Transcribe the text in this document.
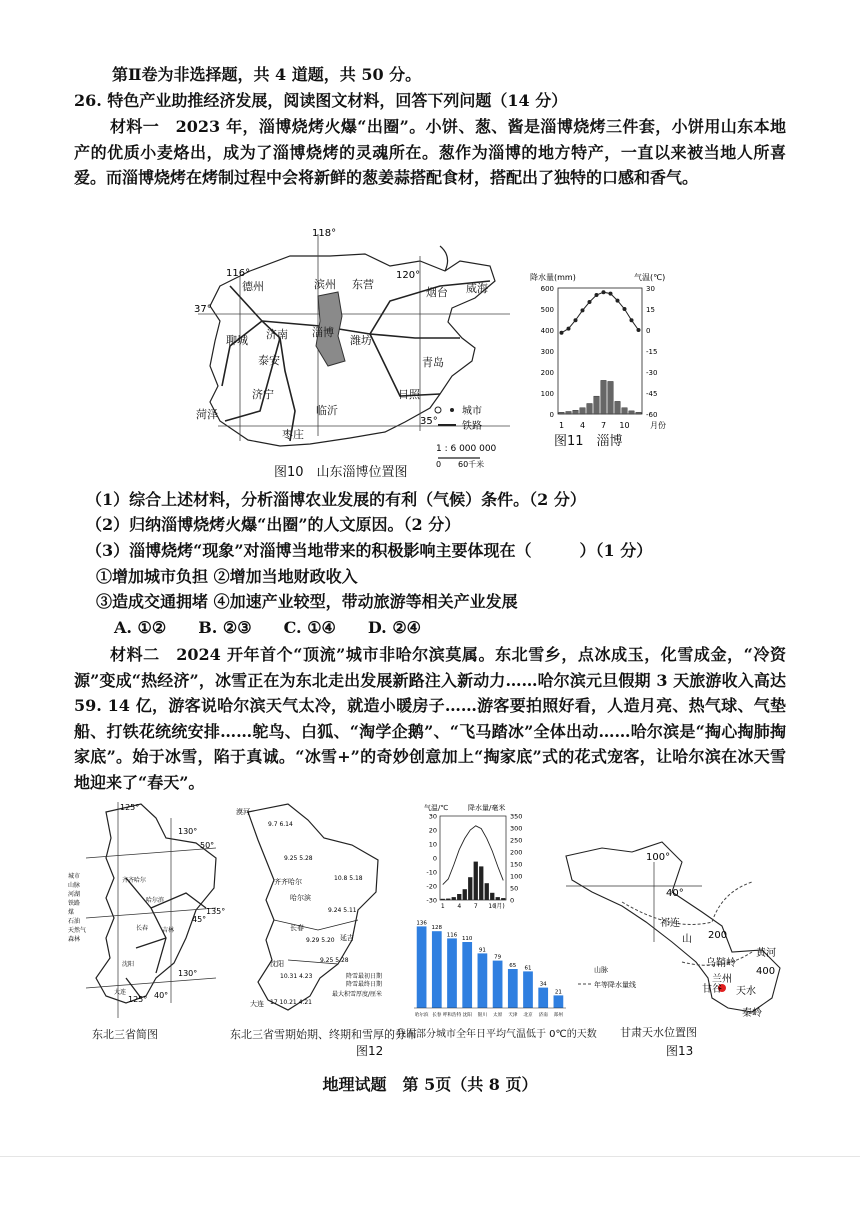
第Ⅱ卷为非选择题，共 4 道题，共 50 分。
26. 特色产业助推经济发展，阅读图文材料，回答下列问题（14 分）
材料一　2023 年，淄博烧烤火爆“出圈”。小饼、葱、酱是淄博烧烤三件套，小饼用山东本地产的优质小麦烙出，成为了淄博烧烤的灵魂所在。葱作为淄博的地方特产，一直以来被当地人所喜爱。而淄博烧烤在烤制过程中会将新鲜的葱姜蒜搭配食材，搭配出了独特的口感和香气。
118°
116°	120°
37°
35°
德州	滨州 东营
烟台 威海
聊城 济南 淄博
潍坊
泰安	青岛
菏泽
济宁
临沂
日照
枣庄
城市
铁路
1 : 6 000 000
0 60千米
图10　山东淄博位置图
降水量(mm)	气温(℃)
0
100
200
300
400
500
600
-60
-45
-30
-15
0
15
30
1 4 7 10	月份
图11　淄博
（1）综合上述材料，分析淄博农业发展的有利（气候）条件。（2 分）
（2）归纳淄博烧烤火爆“出圈”的人文原因。（2 分）
（3）淄博烧烤“现象”对淄博当地带来的积极影响主要体现在（　　　）（1 分）
①增加城市负担 ②增加当地财政收入
③造成交通拥堵 ④加速产业较型，带动旅游等相关产业发展
A. ①②　　B. ②③　　C. ①④　　D. ②④
材料二　2024 开年首个“顶流”城市非哈尔滨莫属。东北雪乡，点冰成玉，化雪成金，“冷资源”变成“热经济”，冰雪正在为东北走出发展新路注入新动力……哈尔滨元旦假期 3 天旅游收入高达 59. 14 亿，游客说哈尔滨天气太冷，就造小暖房子……游客要拍照好看，人造月亮、热气球、气垫船、打铁花统统安排……鸵鸟、白狐、“淘学企鹅”、“飞马踏冰”全体出动……哈尔滨是“掏心掏肺掏家底”。始于冰雪，陷于真诚。“冰雪+”的奇妙创意加上“掏家底”式的花式宠客，让哈尔滨在冰天雪地迎来了“春天”。
125°
130°
135°
130°
125°
50°
45°
40°
城市
山脉
河湖
铁路
煤
石油
天然气
森林
齐齐哈尔
哈尔滨
长春 吉林
沈阳
大连
东北三省简图
漠河
9.7 6.14
9.25 5.28
齐齐哈尔	10.8 5.18
哈尔滨
9.24 5.11
长春
9.29 5.20 延吉
9.25 5.28
沈阳
10.31 4.23
大连 17 10.21 4.21
降雪最初日期
降雪最终日期
最大积雪厚度/厘米
东北三省雪期始期、终期和雪厚的分布
气温/℃	降水量/毫米
-30
-20
-10
0
10
20
30
0
50
100
150
200
250
300
350
1 4 7 10
(月)
136
哈尔滨
128
长春
116
呼和浩特
110
沈阳
91
银川
79
太原
65
天津
61
北京
34
济南
21
郑州
我国部分城市全年日平均气温低于 0℃的天数
图12
100°
40°
祁连
山
乌鞘岭
兰州
甘谷 天水
秦岭
黄河
200
400
山脉
年等降水量线
甘肃天水位置图
图13
地理试题　第 5页（共 8 页）
